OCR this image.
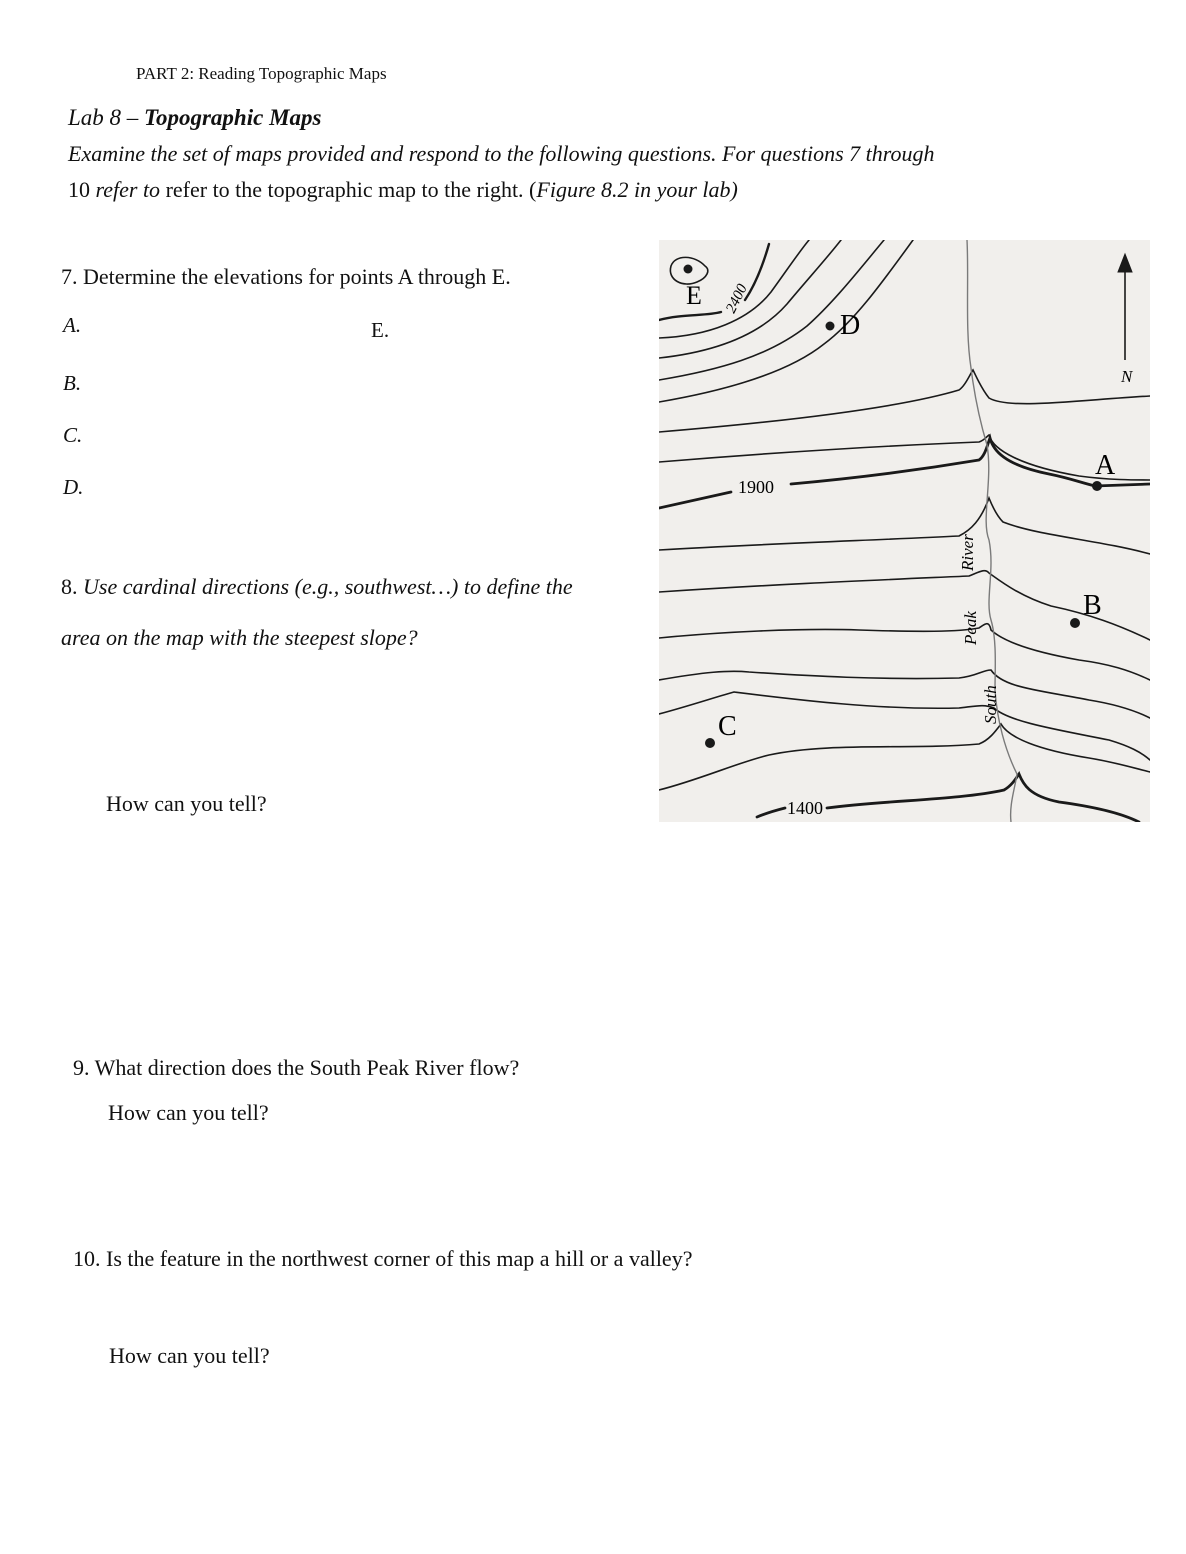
PART 2: Reading Topographic Maps
Lab 8 – Topographic Maps
Examine the set of maps provided and respond to the following questions. For questions 7 through
10 refer to refer to the topographic map to the right. (Figure 8.2 in your lab)
7. Determine the elevations for points A through E.
A.	E.
B.
C.
D.
8. Use cardinal directions (e.g., southwest…) to define the
area on the map with the steepest slope?
How can you tell?
9. What direction does the South Peak River flow?
How can you tell?
10. Is the feature in the northwest corner of this map a hill or a valley?
How can you tell?
N
E
D
A
B
C
2400
1900
1400
River
Peak
South
